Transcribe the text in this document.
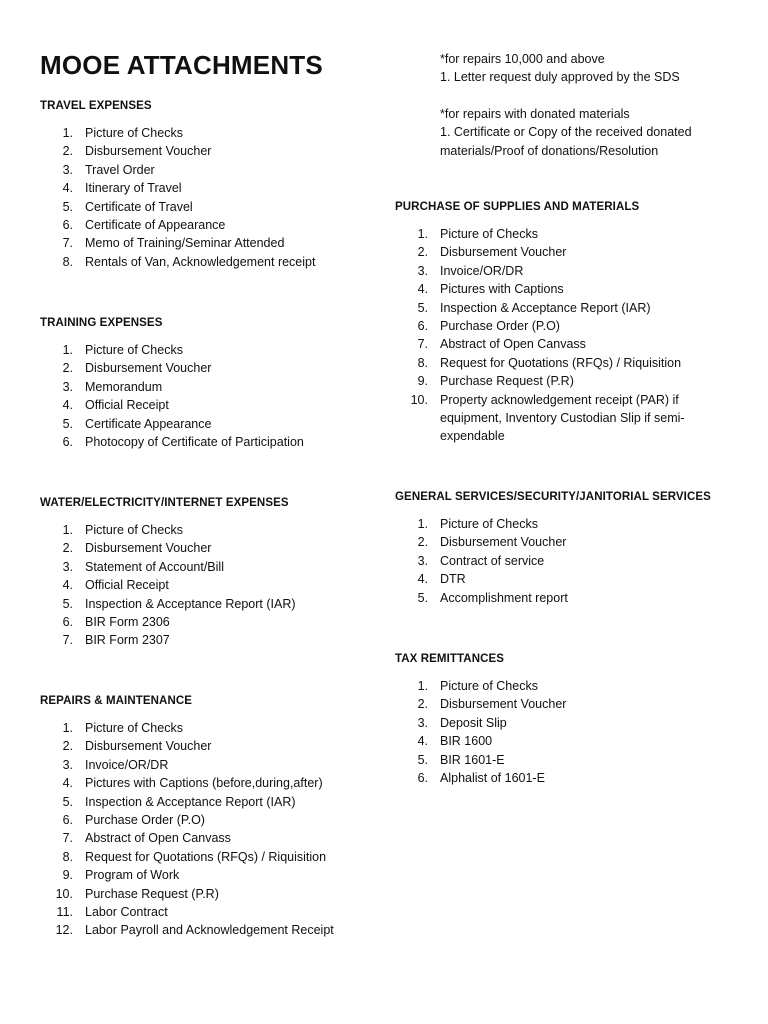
MOOE ATTACHMENTS	*for repairs 10,000 and above

1. Letter request duly approved by the SDS

*for repairs with donated materials

1. Certificate or Copy of the received donated

materials/Proof of donations/Resolution

TRAVEL EXPENSES
1. Picture of Checks
2. Disbursement Voucher
3. Travel Order
4. Itinerary of Travel
5. Certificate of Travel
6. Certificate of Appearance
7. Memo of Training/Seminar Attended
8. Rentals of Van, Acknowledgement receipt
TRAINING EXPENSES
1. Picture of Checks
2. Disbursement Voucher
3. Memorandum
4. Official Receipt
5. Certificate Appearance
6. Photocopy of Certificate of Participation
WATER/ELECTRICITY/INTERNET EXPENSES
1. Picture of Checks
2. Disbursement Voucher
3. Statement of Account/Bill
4. Official Receipt
5. Inspection & Acceptance Report (IAR)
6. BIR Form 2306
7. BIR Form 2307
REPAIRS & MAINTENANCE
1. Picture of Checks
2. Disbursement Voucher
3. Invoice/OR/DR
4. Pictures with Captions (before,during,after)
5. Inspection & Acceptance Report (IAR)
6. Purchase Order (P.O)
7. Abstract of Open Canvass
8. Request for Quotations (RFQs) / Riquisition
9. Program of Work
10. Purchase Request (P.R)
11. Labor Contract
12. Labor Payroll and Acknowledgement Receipt
PURCHASE OF SUPPLIES AND MATERIALS
1. Picture of Checks
2. Disbursement Voucher
3. Invoice/OR/DR
4. Pictures with Captions
5. Inspection & Acceptance Report (IAR)
6. Purchase Order (P.O)
7. Abstract of Open Canvass
8. Request for Quotations (RFQs) / Riquisition
9. Purchase Request (P.R)
10. Property acknowledgement receipt (PAR) if
equipment, Inventory Custodian Slip if semi-
expendable
GENERAL SERVICES/SECURITY/JANITORIAL SERVICES
1. Picture of Checks
2. Disbursement Voucher
3. Contract of service
4. DTR
5. Accomplishment report
TAX REMITTANCES
1. Picture of Checks
2. Disbursement Voucher
3. Deposit Slip
4. BIR 1600
5. BIR 1601-E
6. Alphalist of 1601-E
